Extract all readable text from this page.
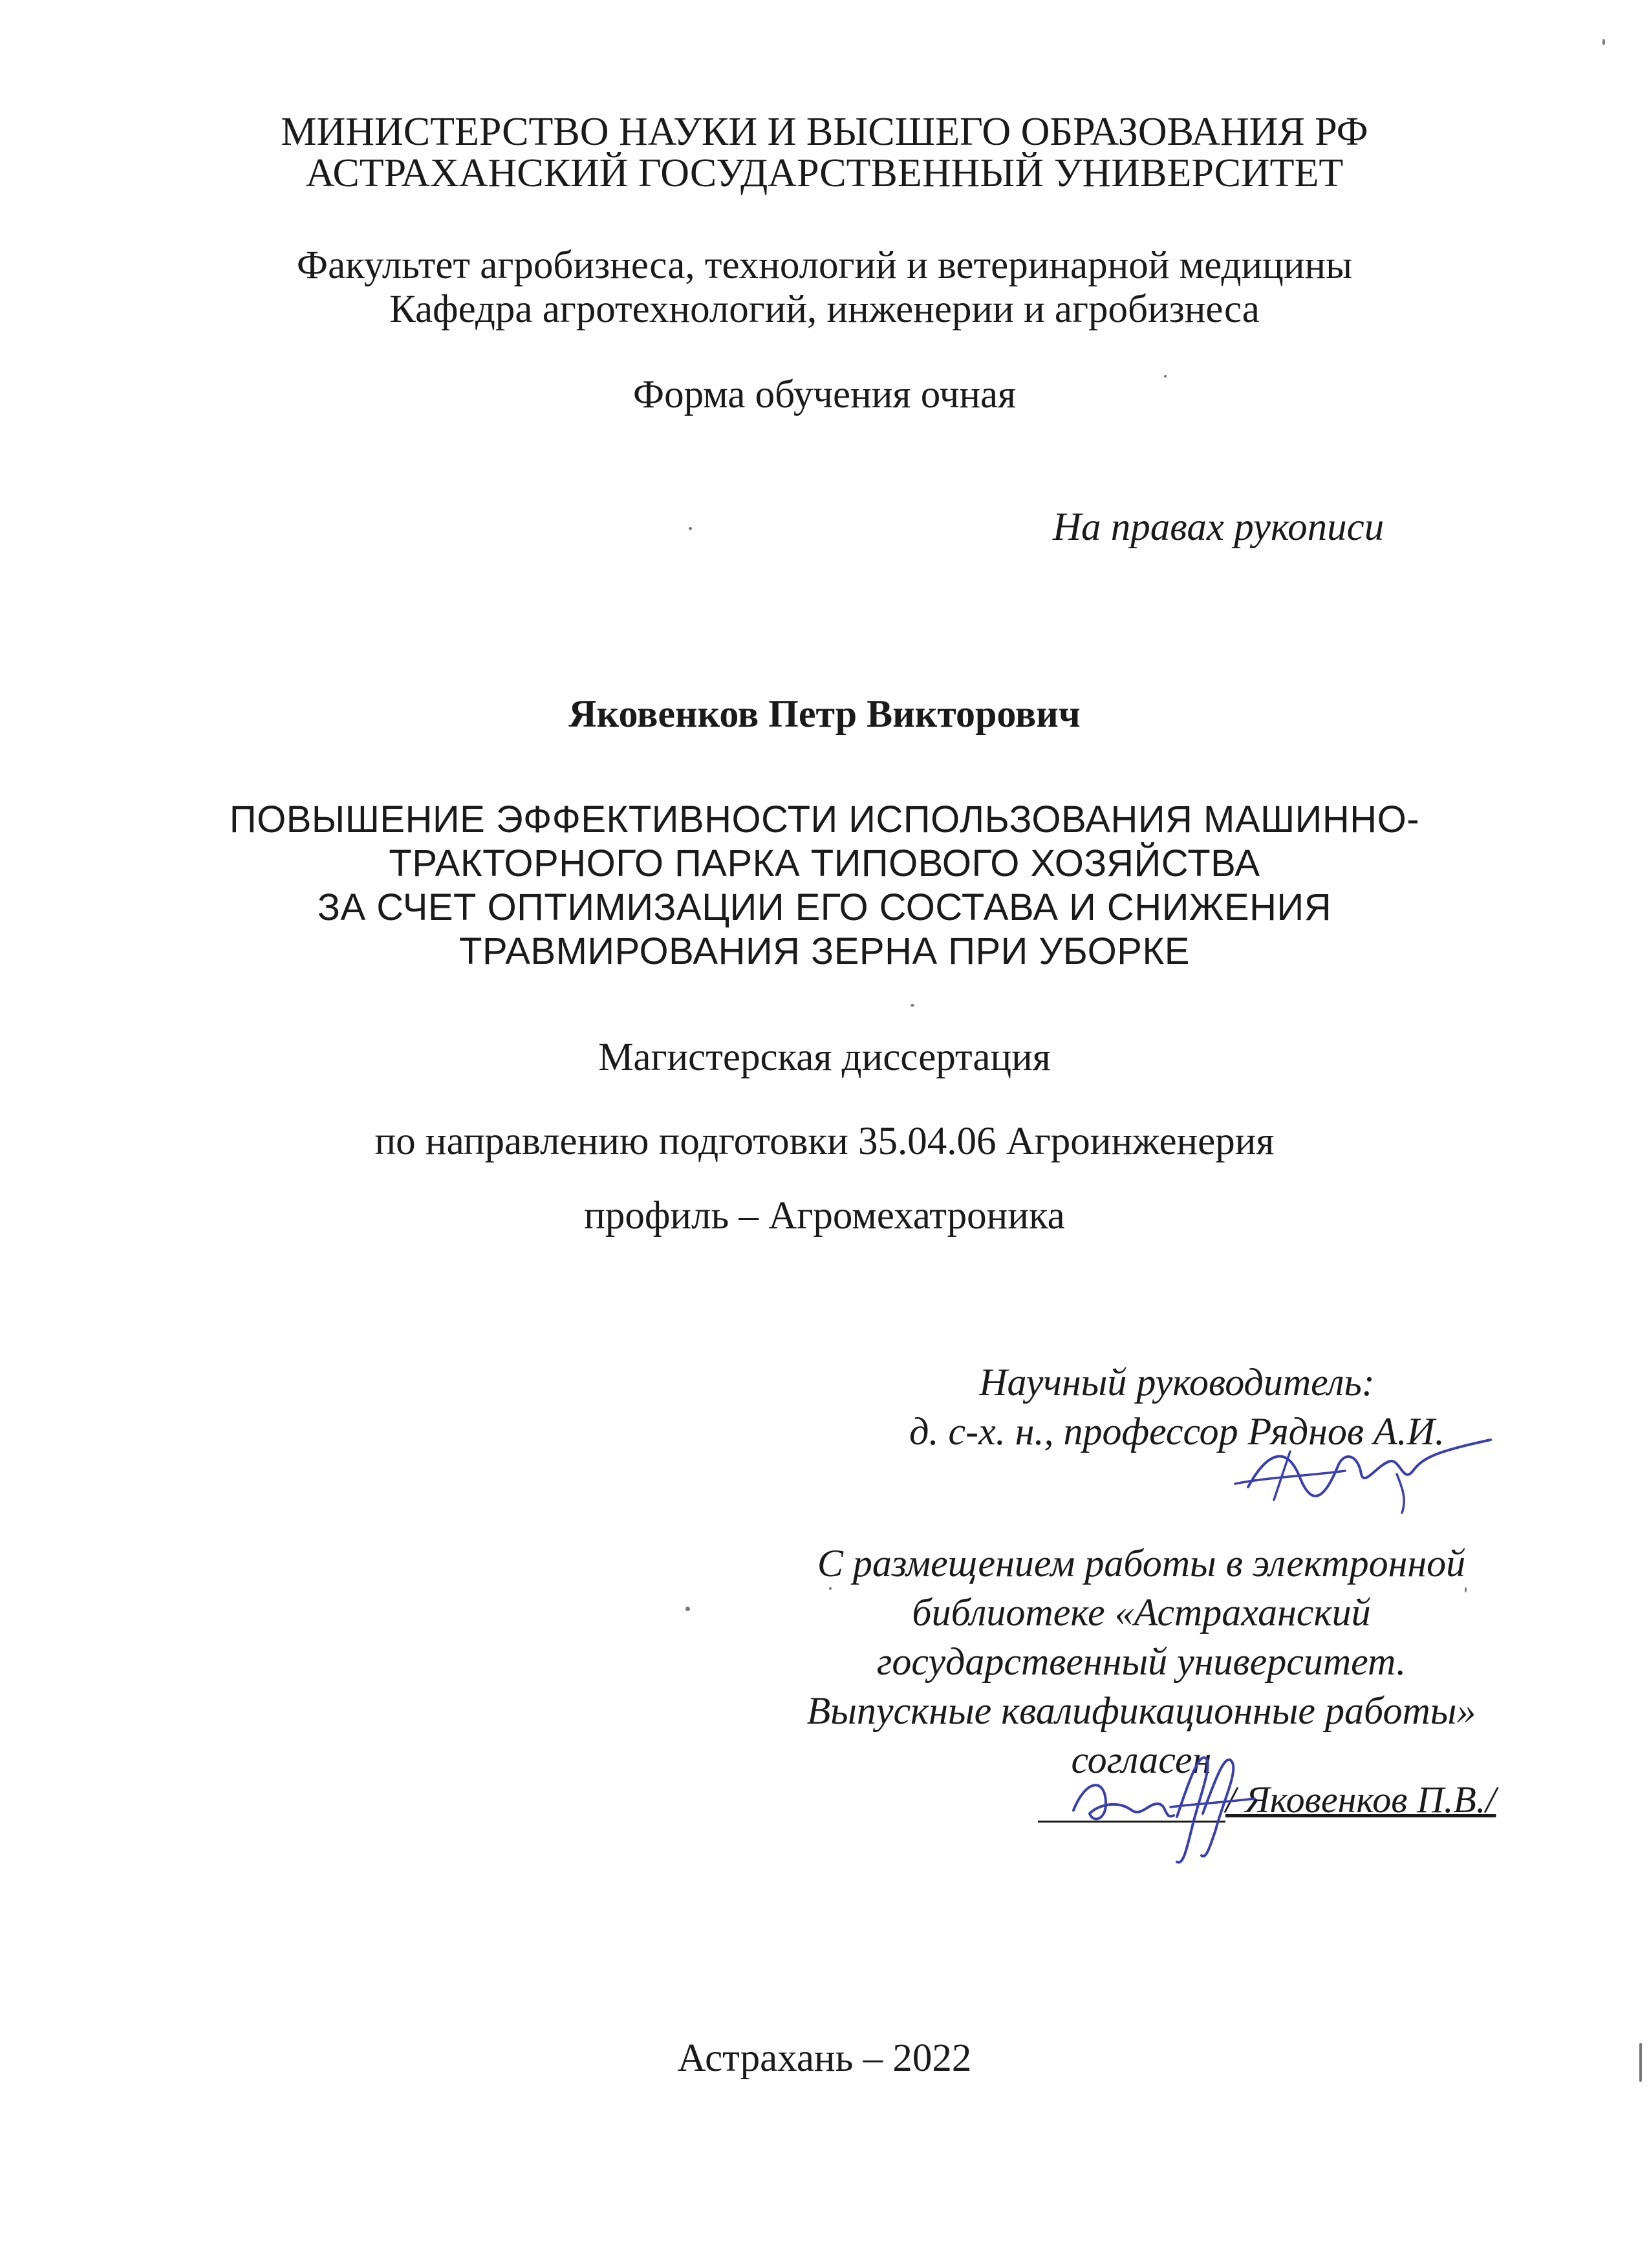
МИНИСТЕРСТВО НАУКИ И ВЫСШЕГО ОБРАЗОВАНИЯ РФ
АСТРАХАНСКИЙ ГОСУДАРСТВЕННЫЙ УНИВЕРСИТЕТ
Факультет агробизнеса, технологий и ветеринарной медицины
Кафедра агротехнологий, инженерии и агробизнеса
Форма обучения очная
На правах рукописи
Яковенков Петр Викторович
ПОВЫШЕНИЕ ЭФФЕКТИВНОСТИ ИСПОЛЬЗОВАНИЯ МАШИННО-
ТРАКТОРНОГО ПАРКА ТИПОВОГО ХОЗЯЙСТВА
ЗА СЧЕТ ОПТИМИЗАЦИИ ЕГО СОСТАВА И СНИЖЕНИЯ
ТРАВМИРОВАНИЯ ЗЕРНА ПРИ УБОРКЕ
Магистерская диссертация
по направлению подготовки 35.04.06 Агроинженерия
профиль – Агромехатроника
Научный руководитель:
д. с-х. н., профессор Ряднов А.И.
С размещением работы в электронной
библиотеке «Астраханский
государственный университет.
Выпускные квалификационные работы»
согласен
/ Яковенков П.В./
Астрахань – 2022
